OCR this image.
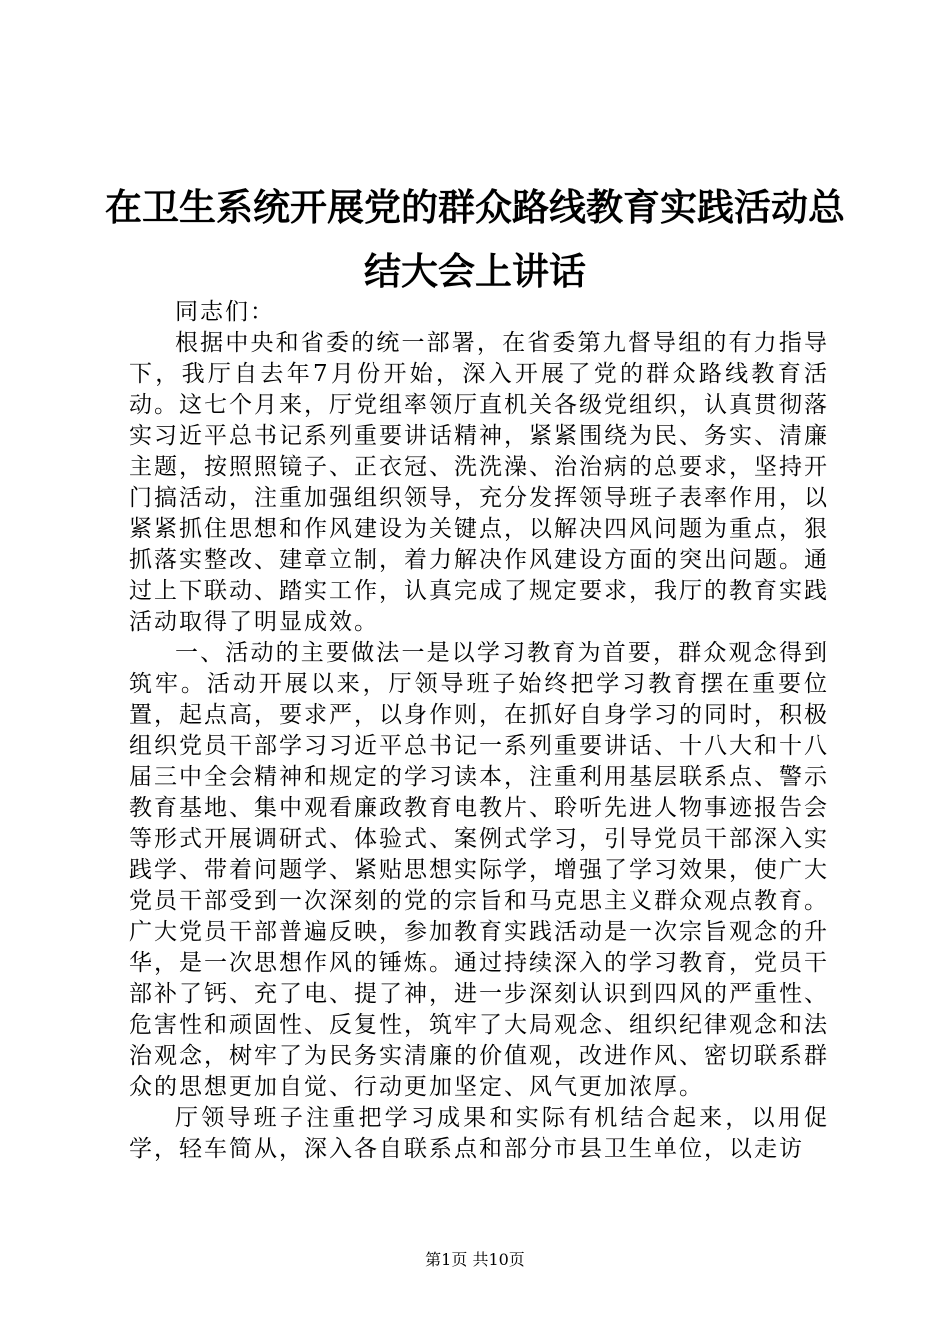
在卫生系统开展党的群众路线教育实践活动总
结大会上讲话

同志们：

根据中央和省委的统一部署，在省委第九督导组的有力指导下，我厅自去年7月份开始，深入开展了党的群众路线教育活动。这七个月来，厅党组率领厅直机关各级党组织，认真贯彻落实习近平总书记系列重要讲话精神，紧紧围绕为民、务实、清廉主题，按照照镜子、正衣冠、洗洗澡、治治病的总要求，坚持开门搞活动，注重加强组织领导，充分发挥领导班子表率作用，以紧紧抓住思想和作风建设为关键点，以解决四风问题为重点，狠抓落实整改、建章立制，着力解决作风建设方面的突出问题。通过上下联动、踏实工作，认真完成了规定要求，我厅的教育实践活动取得了明显成效。

一、活动的主要做法一是以学习教育为首要，群众观念得到筑牢。活动开展以来，厅领导班子始终把学习教育摆在重要位置，起点高，要求严，以身作则，在抓好自身学习的同时，积极组织党员干部学习习近平总书记一系列重要讲话、十八大和十八届三中全会精神和规定的学习读本，注重利用基层联系点、警示教育基地、集中观看廉政教育电教片、聆听先进人物事迹报告会等形式开展调研式、体验式、案例式学习，引导党员干部深入实践学、带着问题学、紧贴思想实际学，增强了学习效果，使广大党员干部受到一次深刻的党的宗旨和马克思主义群众观点教育。广大党员干部普遍反映，参加教育实践活动是一次宗旨观念的升华，是一次思想作风的锤炼。通过持续深入的学习教育，党员干部补了钙、充了电、提了神，进一步深刻认识到四风的严重性、危害性和顽固性、反复性，筑牢了大局观念、组织纪律观念和法治观念，树牢了为民务实清廉的价值观，改进作风、密切联系群众的思想更加自觉、行动更加坚定、风气更加浓厚。

厅领导班子注重把学习成果和实际有机结合起来，以用促学，轻车简从，深入各自联系点和部分市县卫生单位，以走访

第1页 共10页
